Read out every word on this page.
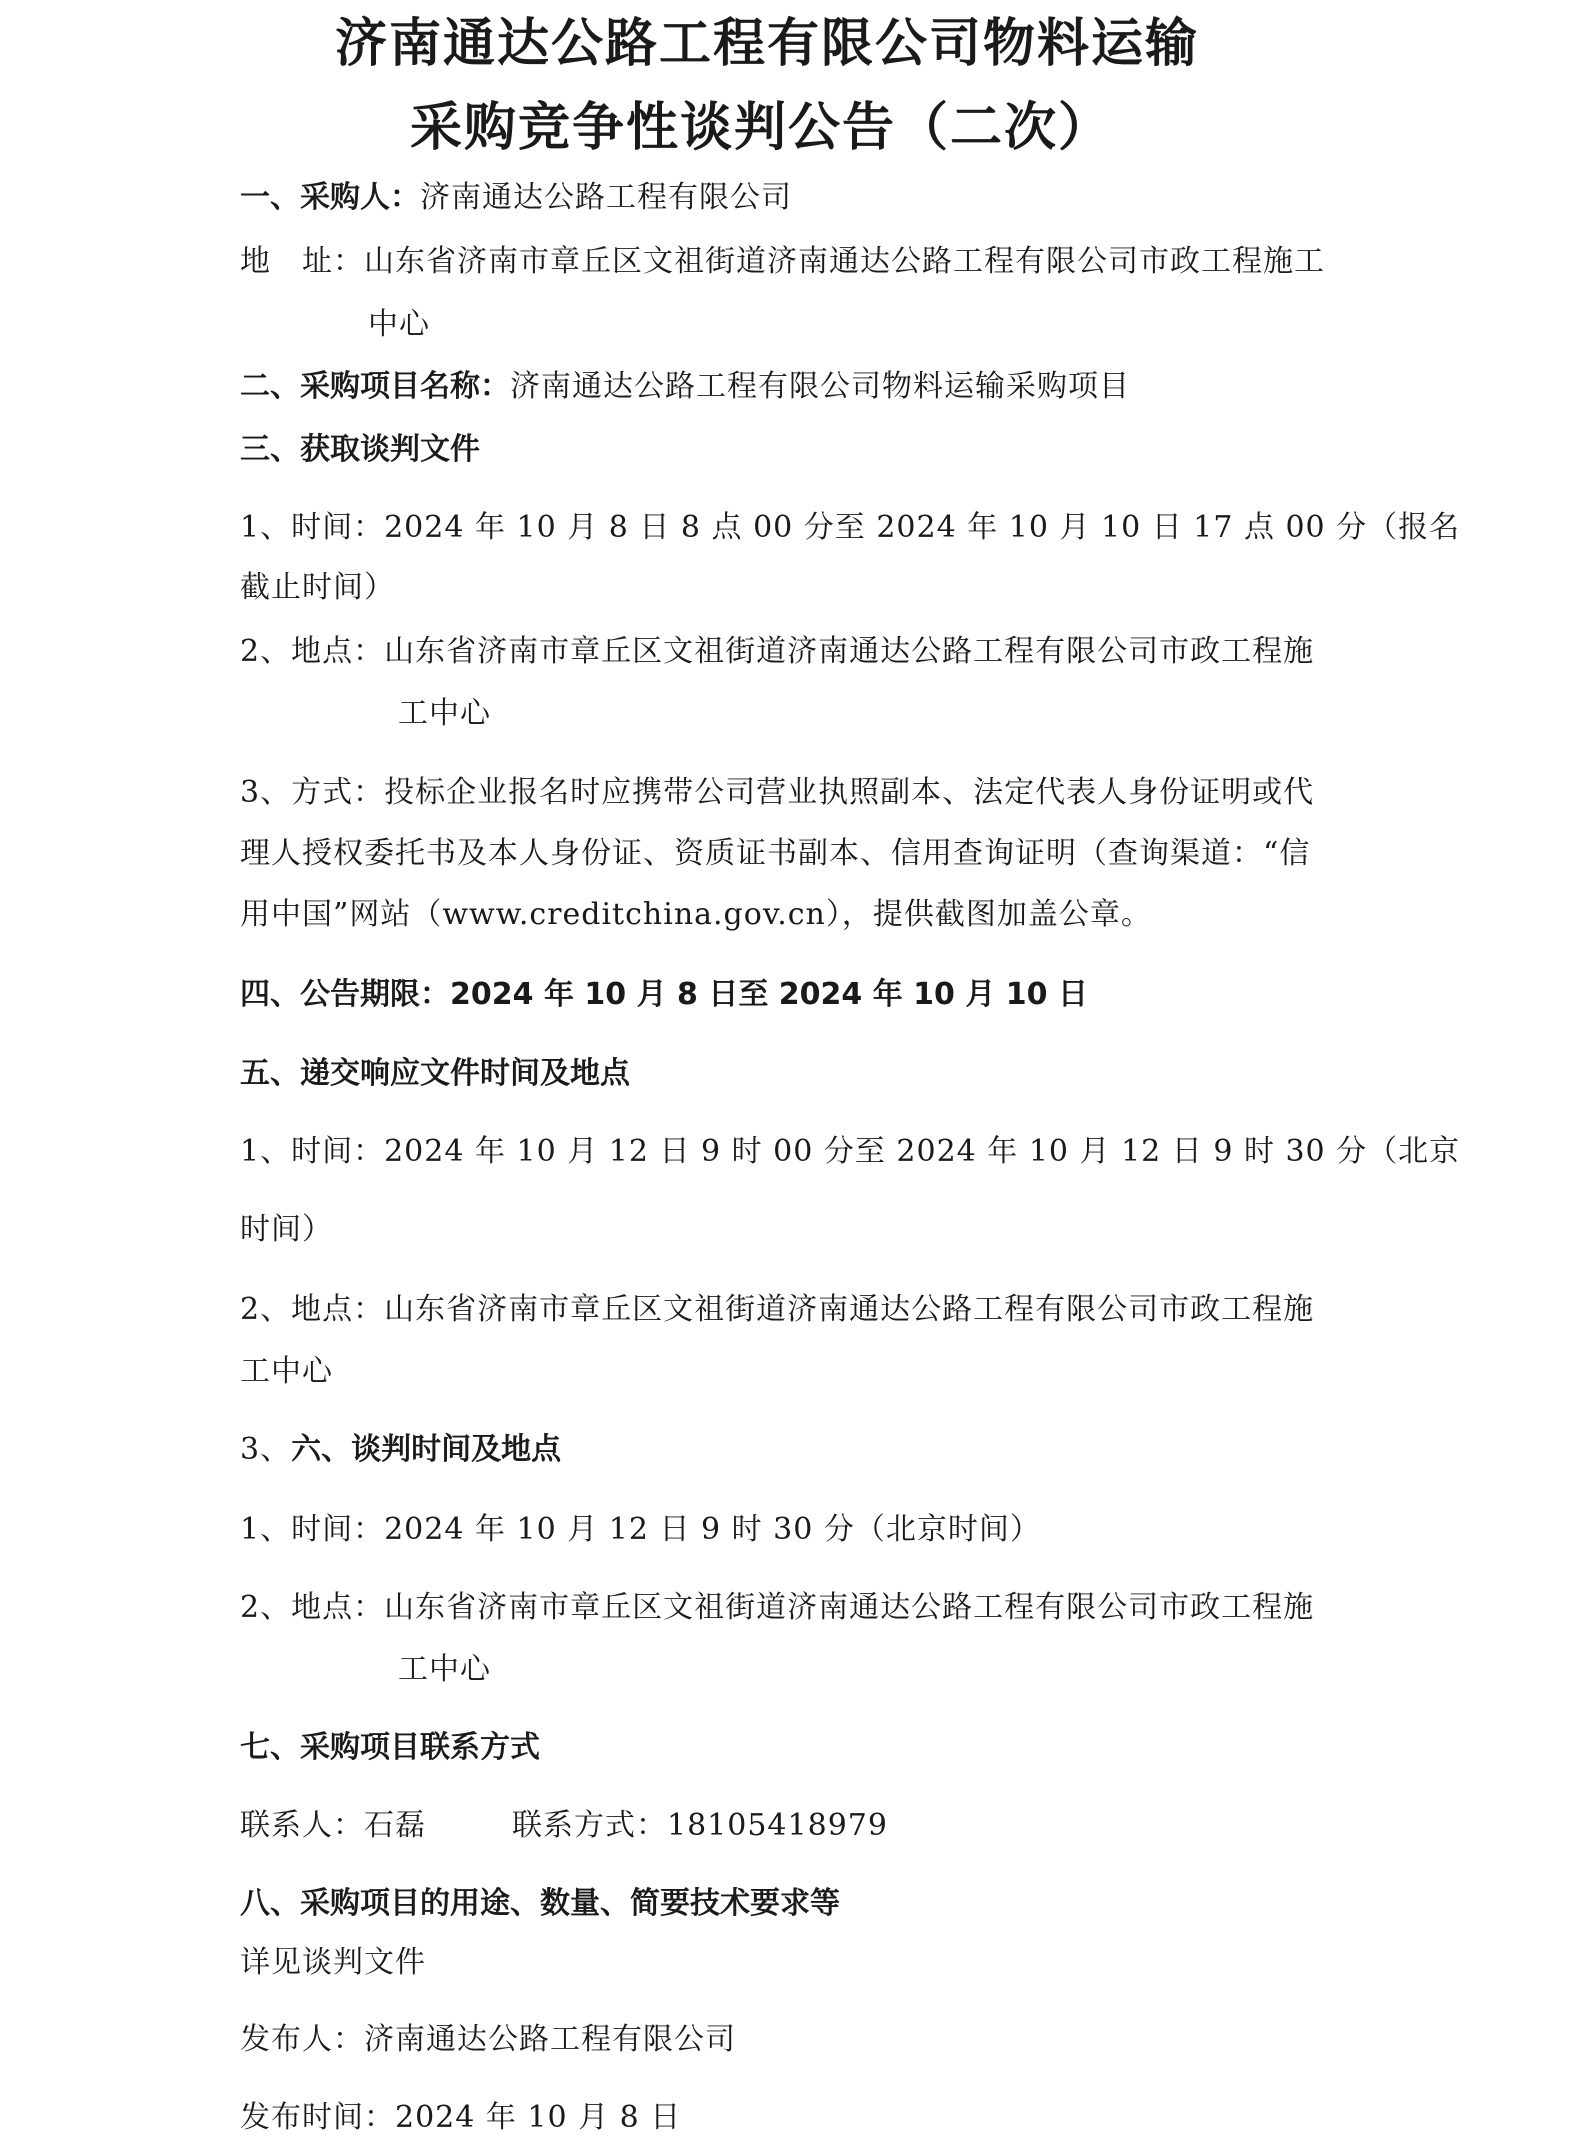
济南通达公路工程有限公司物料运输
采购竞争性谈判公告（二次）
一、采购人：济南通达公路工程有限公司
地　址：山东省济南市章丘区文祖街道济南通达公路工程有限公司市政工程施工
中心
二、采购项目名称：济南通达公路工程有限公司物料运输采购项目
三、获取谈判文件
1、时间：2024 年 10 月 8 日 8 点 00 分至 2024 年 10 月 10 日 17 点 00 分（报名
截止时间）
2、地点：山东省济南市章丘区文祖街道济南通达公路工程有限公司市政工程施
工中心
3、方式：投标企业报名时应携带公司营业执照副本、法定代表人身份证明或代
理人授权委托书及本人身份证、资质证书副本、信用查询证明（查询渠道：“信
用中国”网站（www.creditchina.gov.cn），提供截图加盖公章。
四、公告期限：2024 年 10 月 8 日至 2024 年 10 月 10 日
五、递交响应文件时间及地点
1、时间：2024 年 10 月 12 日 9 时 00 分至 2024 年 10 月 12 日 9 时 30 分（北京
时间）
2、地点：山东省济南市章丘区文祖街道济南通达公路工程有限公司市政工程施
工中心
3、六、谈判时间及地点
1、时间：2024 年 10 月 12 日 9 时 30 分（北京时间）
2、地点：山东省济南市章丘区文祖街道济南通达公路工程有限公司市政工程施
工中心
七、采购项目联系方式
联系人：石磊	联系方式：18105418979
八、采购项目的用途、数量、简要技术要求等
详见谈判文件
发布人：济南通达公路工程有限公司
发布时间：2024 年 10 月 8 日
